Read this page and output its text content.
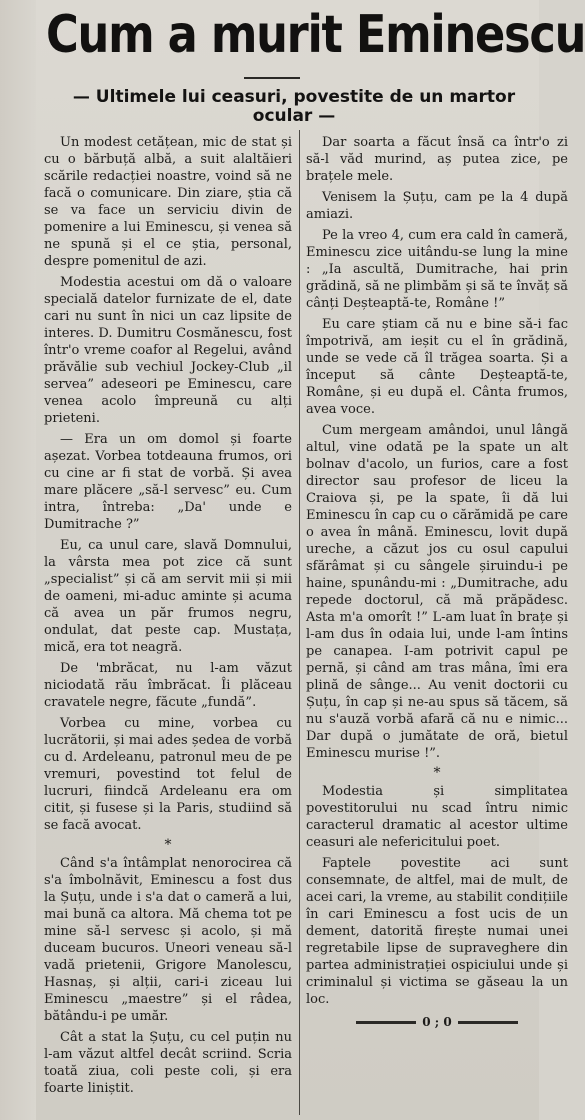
Cum a murit Eminescu
— Ultimele lui ceasuri, povestite de un martor ocular —

Un modest cetățean, mic de stat și cu o bărbuță albă, a suit alaltăieri scările redacției noastre, voind să ne facă o comunicare. Din ziare, știa că se va face un serviciu divin de pomenire a lui Eminescu, și venea să ne spună și el ce știa, personal, despre pomenitul de azi.

Modestia acestui om dă o valoare specială datelor furnizate de el, date cari nu sunt în nici un caz lipsite de interes. D. Dumitru Cosmănescu, fost într'o vreme coafor al Regelui, având prăvălie sub vechiul Jockey-Club „il servea” adeseori pe Eminescu, care venea acolo împreună cu alți prieteni.

— Era un om domol și foarte așezat. Vorbea totdeauna frumos, ori cu cine ar fi stat de vorbă. Și avea mare plăcere „să-l servesc” eu. Cum intra, întreba: „Da' unde e Dumitrache ?”

Eu, ca unul care, slavă Domnului, la vârsta mea pot zice că sunt „specialist” și că am servit mii și mii de oameni, mi-aduc aminte și acuma că avea un păr frumos negru, ondulat, dat peste cap. Mustața, mică, era tot neagră.

De 'mbrăcat, nu l-am văzut niciodată rău îmbrăcat. Îi plăceau cravatele negre, făcute „fundă”.

Vorbea cu mine, vorbea cu lucrătorii, și mai ades ședea de vorbă cu d. Ardeleanu, patronul meu de pe vremuri, povestind tot felul de lucruri, fiindcă Ardeleanu era om citit, și fusese și la Paris, studiind să se facă avocat.

*

Când s'a întâmplat nenorocirea că s'a îmbolnăvit, Eminescu a fost dus la Șuțu, unde i s'a dat o cameră a lui, mai bună ca altora. Mă chema tot pe mine să-l servesc și acolo, și mă duceam bucuros. Uneori veneau să-l vadă prietenii, Grigore Manolescu, Hasnaș, și alții, cari-i ziceau lui Eminescu „maestre” și el râdea, bătându-i pe umăr.

Cât a stat la Șuțu, cu cel puțin nu l-am văzut altfel decât scriind. Scria toată ziua, coli peste coli, și era foarte liniștit.

Dar soarta a făcut însă ca într'o zi să-l văd murind, aș putea zice, pe brațele mele.

Venisem la Șuțu, cam pe la 4 după amiazi.

Pe la vreo 4, cum era cald în cameră, Eminescu zice uitându-se lung la mine : „Ia ascultă, Dumitrache, hai prin grădină, să ne plimbăm și să te învăț să cânți Deșteaptă-te, Române !”

Eu care știam că nu e bine să-i fac împotrivă, am ieșit cu el în grădină, unde se vede că îl trăgea soarta. Și a început să cânte Deșteaptă-te, Române, și eu după el. Cânta frumos, avea voce.

Cum mergeam amândoi, unul lângă altul, vine odată pe la spate un alt bolnav d'acolo, un furios, care a fost director sau profesor de liceu la Craiova și, pe la spate, îi dă lui Eminescu în cap cu o cărămidă pe care o avea în mână. Eminescu, lovit după ureche, a căzut jos cu osul capului sfărâmat și cu sângele șiruindu-i pe haine, spunându-mi : „Dumitrache, adu repede doctorul, că mă prăpădesc. Asta m'a omorît !” L-am luat în brațe și l-am dus în odaia lui, unde l-am întins pe canapea. I-am potrivit capul pe pernă, și când am tras mâna, îmi era plină de sânge... Au venit doctorii cu Șuțu, în cap și ne-au spus să tăcem, să nu s'auză vorbă afară că nu e nimic... Dar după o jumătate de oră, bietul Eminescu murise !”.

*

Modestia și simplitatea povestitorului nu scad întru nimic caracterul dramatic al acestor ultime ceasuri ale nefericitului poet.

Faptele povestite aci sunt consemnate, de altfel, mai de mult, de acei cari, la vreme, au stabilit condițiile în cari Eminescu a fost ucis de un dement, datorită firește numai unei regretabile lipse de supraveghere din partea administrației ospiciului unde și criminalul și victima se găseau la un loc.

0 ; 0
